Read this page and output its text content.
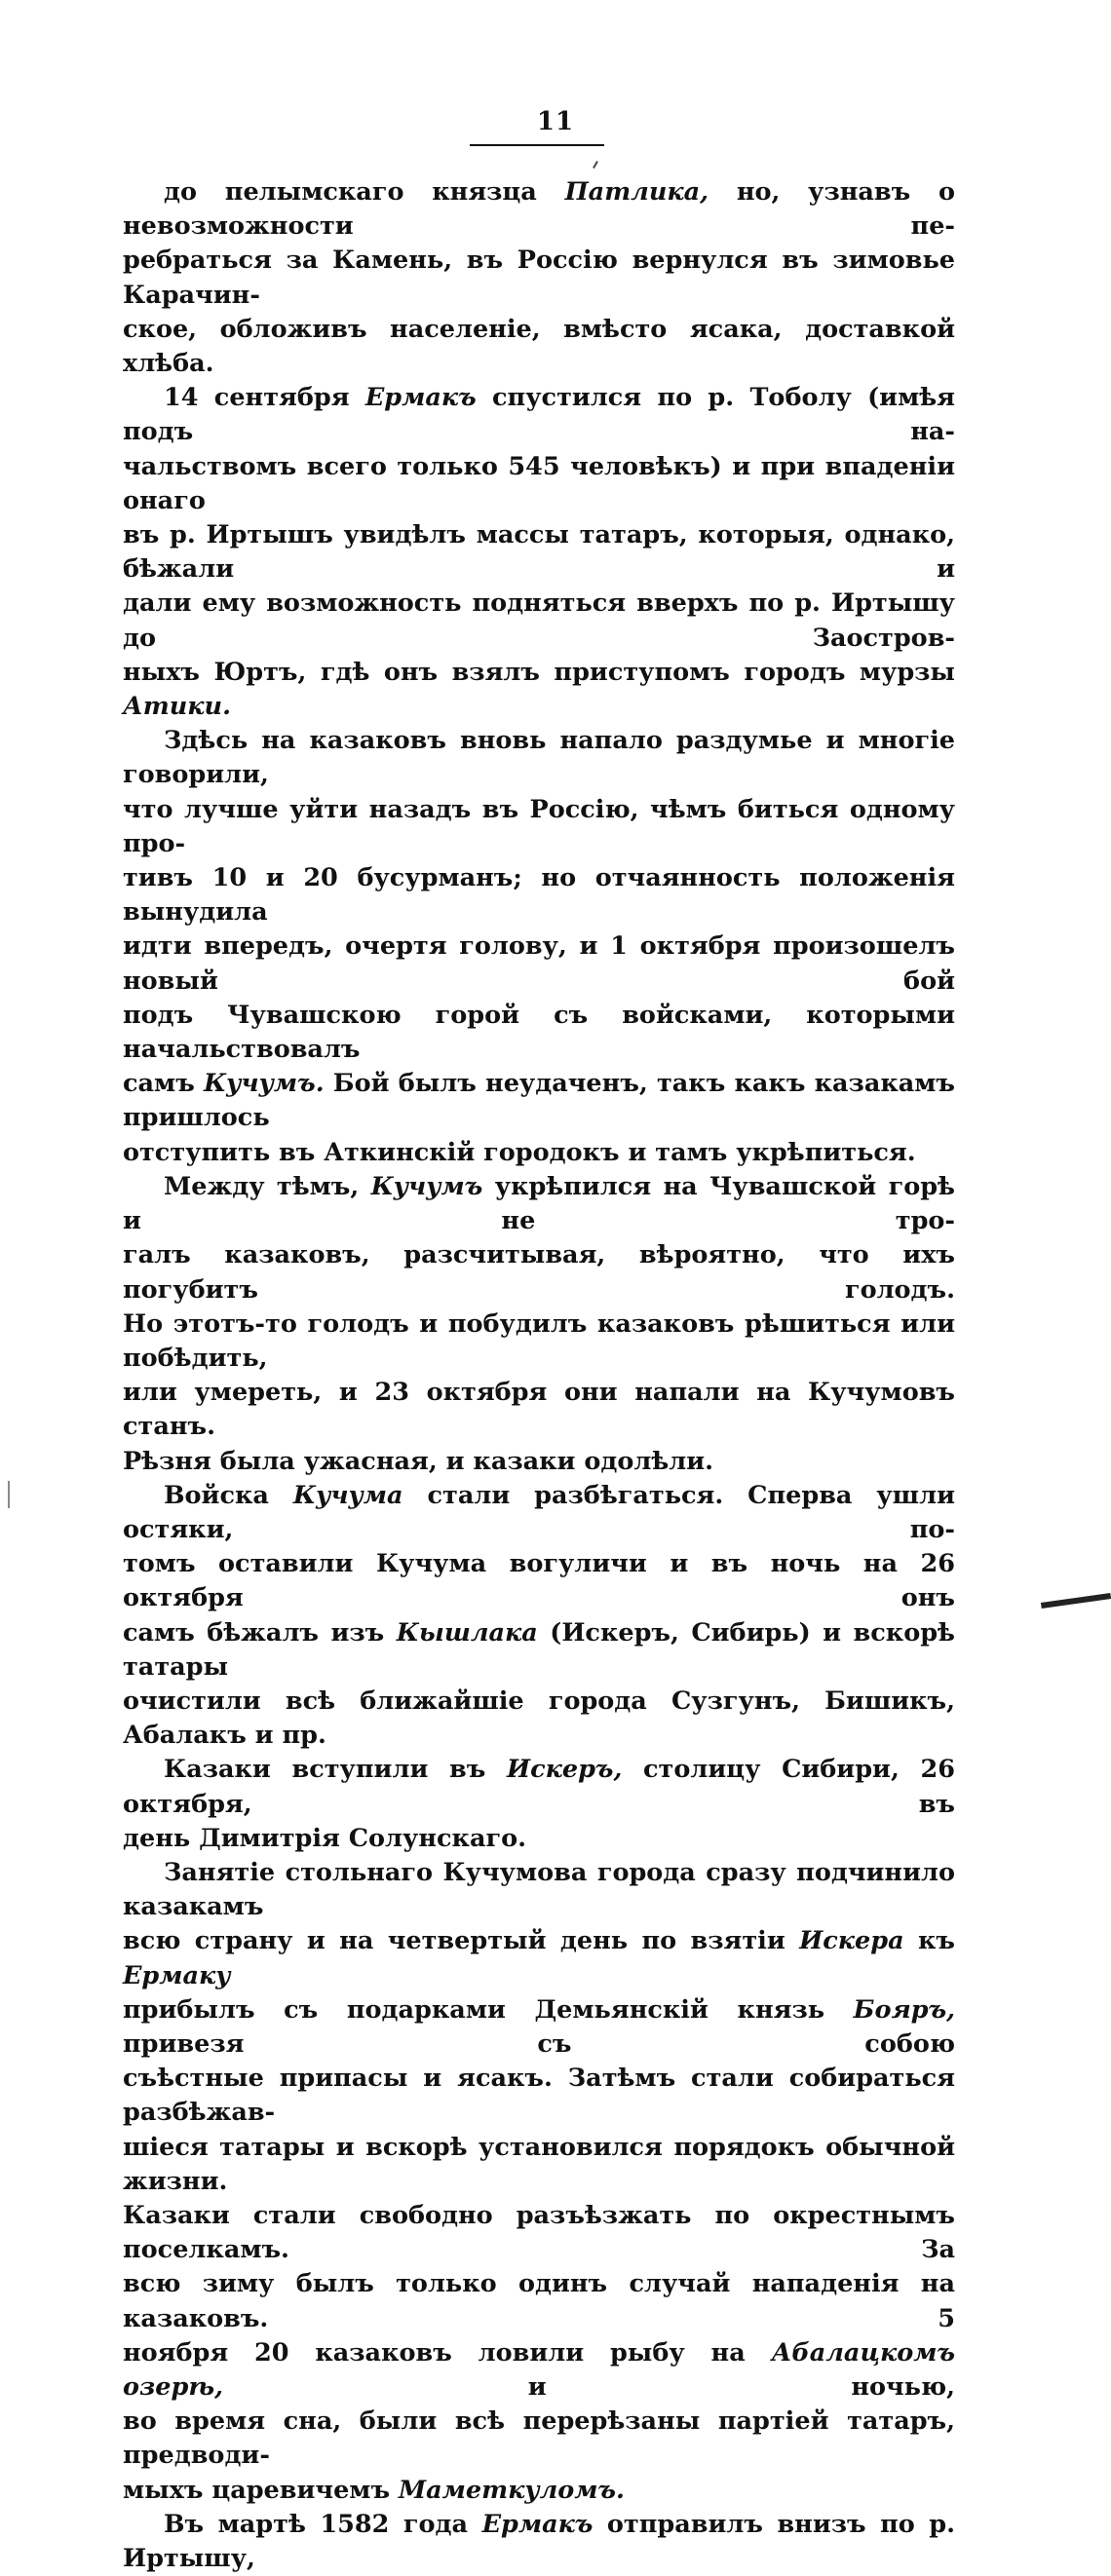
11

до пелымскаго князца Патлика, но, узнавъ о невозможности пе-
ребраться за Камень, въ Россію вернулся въ зимовье Карачин-
ское, обложивъ населеніе, вмѣсто ясака, доставкой хлѣба.

14 сентября Ермакъ спустился по р. Тоболу (имѣя подъ на-
чальствомъ всего только 545 человѣкъ) и при впаденіи онаго
въ р. Иртышъ увидѣлъ массы татаръ, которыя, однако, бѣжали и
дали ему возможность подняться вверхъ по р. Иртышу до Заостров-
ныхъ Юртъ, гдѣ онъ взялъ приступомъ городъ мурзы Атики.

Здѣсь на казаковъ вновь напало раздумье и многіе говорили,
что лучше уйти назадъ въ Россію, чѣмъ биться одному про-
тивъ 10 и 20 бусурманъ; но отчаянность положенія вынудила
идти впередъ, очертя голову, и 1 октября произошелъ новый бой
подъ Чувашскою горой съ войсками, которыми начальствовалъ
самъ Кучумъ. Бой былъ неудаченъ, такъ какъ казакамъ пришлось
отступить въ Аткинскій городокъ и тамъ укрѣпиться.

Между тѣмъ, Кучумъ укрѣпился на Чувашской горѣ и не тро-
галъ казаковъ, разсчитывая, вѣроятно, что ихъ погубитъ голодъ.
Но этотъ-то голодъ и побудилъ казаковъ рѣшиться или побѣдить,
или умереть, и 23 октября они напали на Кучумовъ станъ.
Рѣзня была ужасная, и казаки одолѣли.

Войска Кучума стали разбѣгаться. Сперва ушли остяки, по-
томъ оставили Кучума вогуличи и въ ночь на 26 октября онъ
самъ бѣжалъ изъ Кышлака (Искеръ, Сибирь) и вскорѣ татары
очистили всѣ ближайшіе города Сузгунъ, Бишикъ, Абалакъ и пр.

Казаки вступили въ Искеръ, столицу Сибири, 26 октября, въ
день Димитрія Солунскаго.

Занятіе стольнаго Кучумова города сразу подчинило казакамъ
всю страну и на четвертый день по взятіи Искера къ Ермаку
прибылъ съ подарками Демьянскій князь Бояръ, привезя съ собою
съѣстные припасы и ясакъ. Затѣмъ стали собираться разбѣжав-
шіеся татары и вскорѣ установился порядокъ обычной жизни.
Казаки стали свободно разъѣзжать по окрестнымъ поселкамъ. За
всю зиму былъ только одинъ случай нападенія на казаковъ. 5
ноября 20 казаковъ ловили рыбу на Абалацкомъ озерѣ, и ночью,
во время сна, были всѣ перерѣзаны партіей татаръ, предводи-
мыхъ царевичемъ Маметкуломъ.

Въ мартѣ 1582 года Ермакъ отправилъ внизъ по р. Иртышу,
